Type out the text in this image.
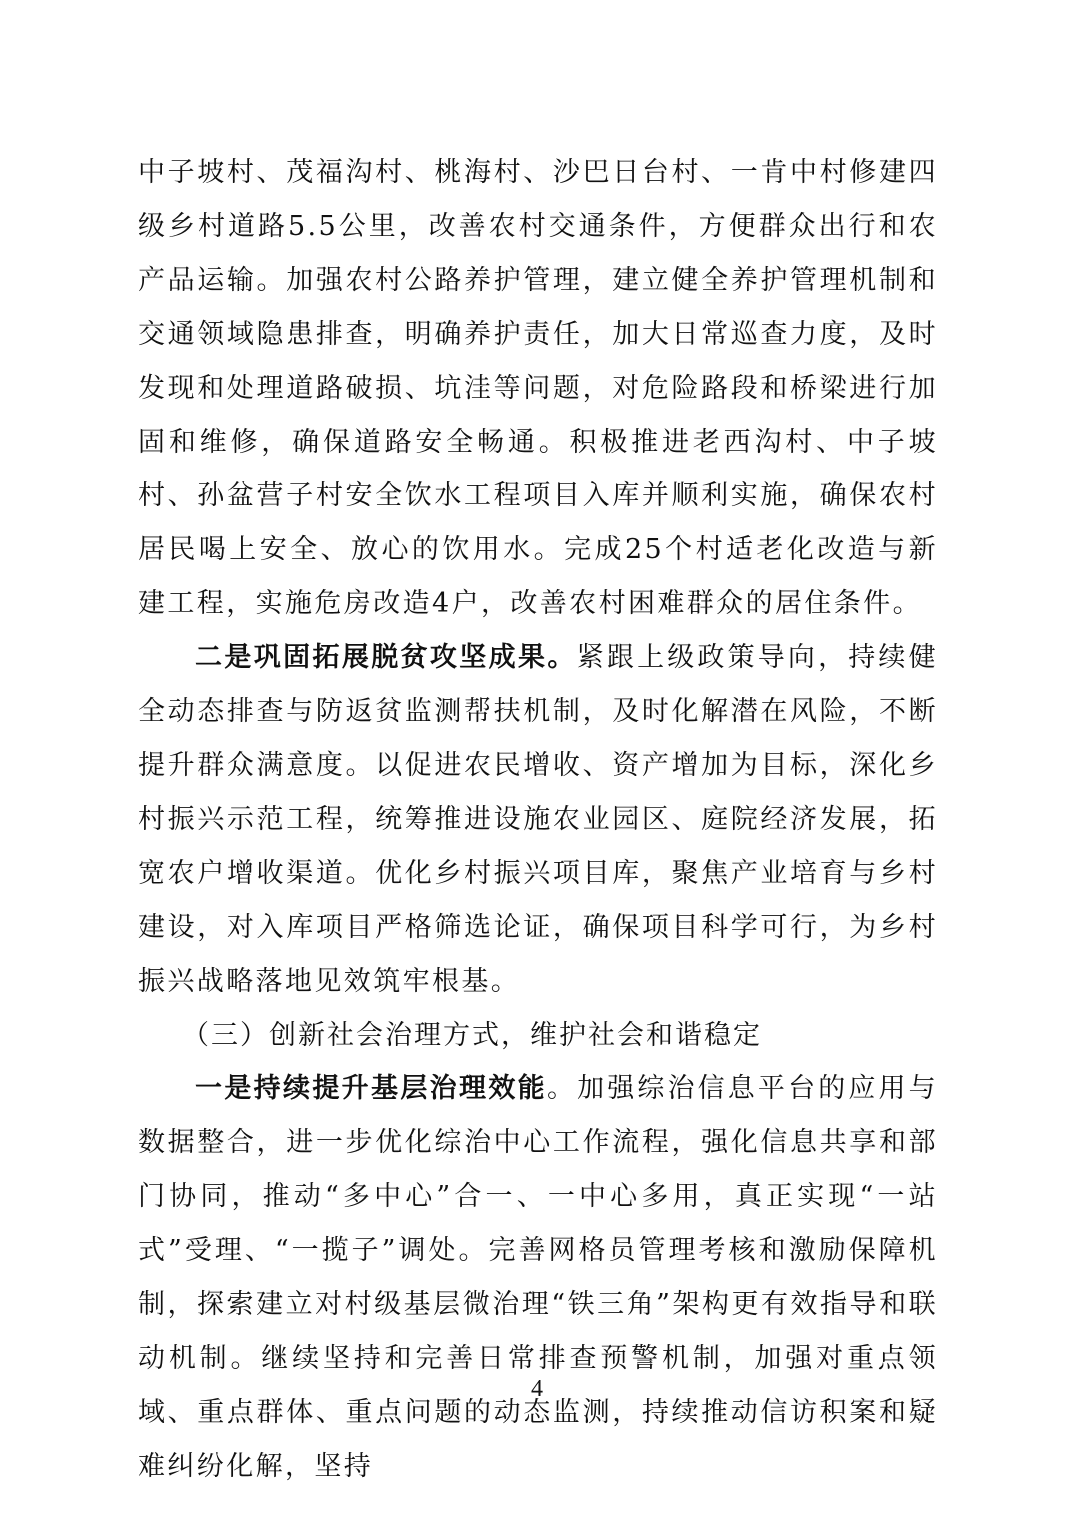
中子坡村、茂福沟村、桃海村、沙巴日台村、一肯中村修建四级乡村道路5.5公里，改善农村交通条件，方便群众出行和农产品运输。加强农村公路养护管理，建立健全养护管理机制和交通领域隐患排查，明确养护责任，加大日常巡查力度，及时发现和处理道路破损、坑洼等问题，对危险路段和桥梁进行加固和维修，确保道路安全畅通。积极推进老西沟村、中子坡村、孙盆营子村安全饮水工程项目入库并顺利实施，确保农村居民喝上安全、放心的饮用水。完成25个村适老化改造与新建工程，实施危房改造4户，改善农村困难群众的居住条件。

二是巩固拓展脱贫攻坚成果。紧跟上级政策导向，持续健全动态排查与防返贫监测帮扶机制，及时化解潜在风险，不断提升群众满意度。以促进农民增收、资产增加为目标，深化乡村振兴示范工程，统筹推进设施农业园区、庭院经济发展，拓宽农户增收渠道。优化乡村振兴项目库，聚焦产业培育与乡村建设，对入库项目严格筛选论证，确保项目科学可行，为乡村振兴战略落地见效筑牢根基。

（三）创新社会治理方式，维护社会和谐稳定

一是持续提升基层治理效能。加强综治信息平台的应用与数据整合，进一步优化综治中心工作流程，强化信息共享和部门协同，推动“多中心”合一、一中心多用，真正实现“一站式”受理、“一揽子”调处。完善网格员管理考核和激励保障机制，探索建立对村级基层微治理“铁三角”架构更有效指导和联动机制。继续坚持和完善日常排查预警机制，加强对重点领域、重点群体、重点问题的动态监测，持续推动信访积案和疑难纠纷化解，坚持

4
